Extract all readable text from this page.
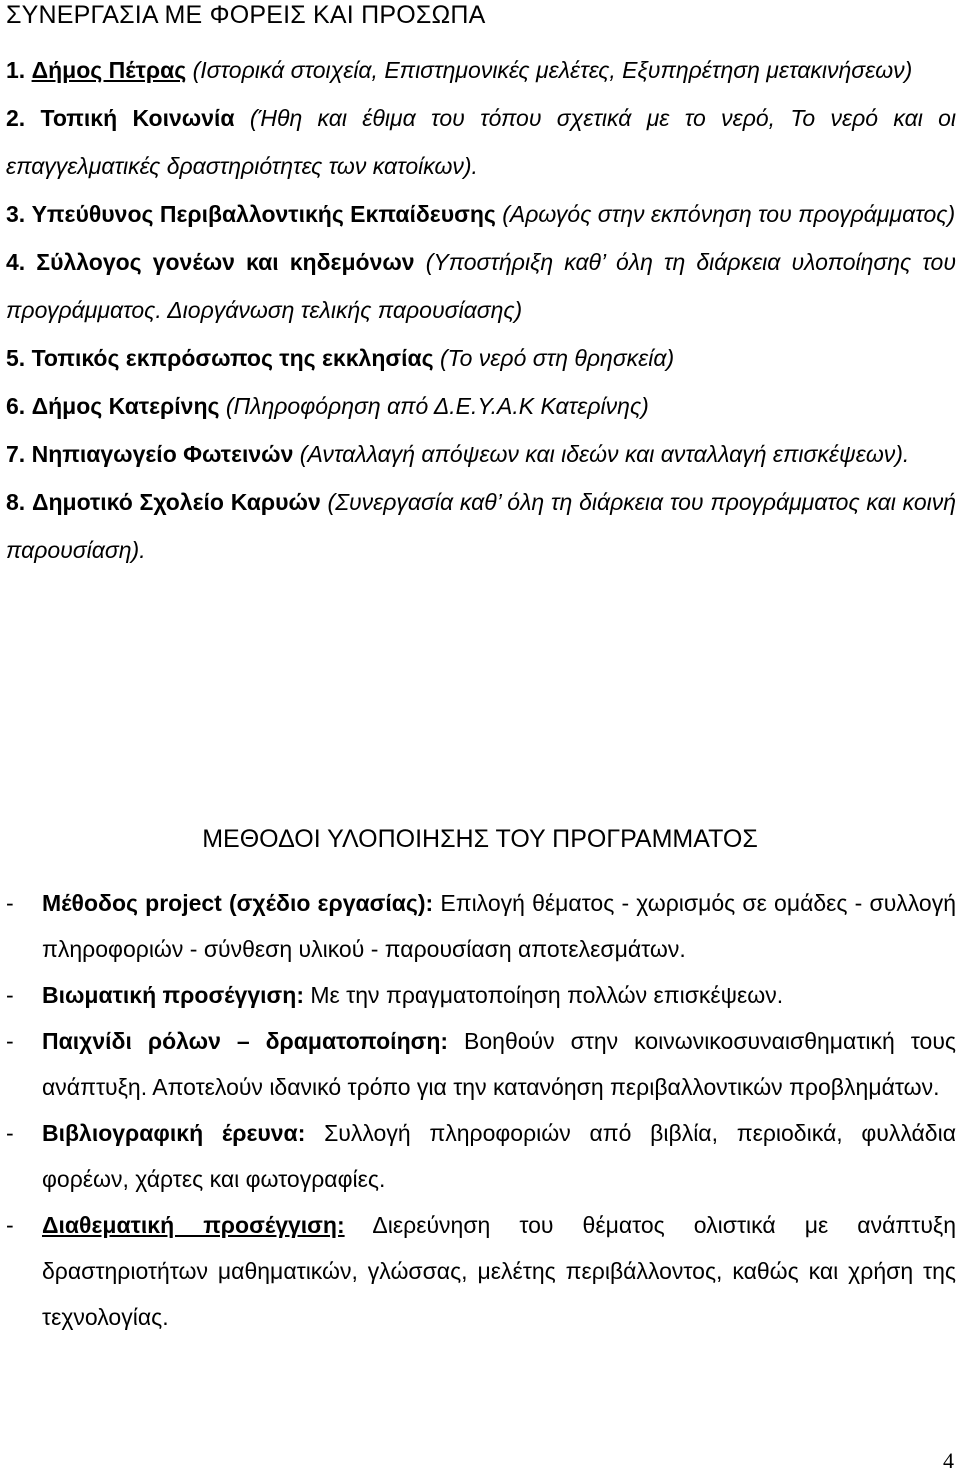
ΣΥΝΕΡΓΑΣΙΑ ΜΕ ΦΟΡΕΙΣ ΚΑΙ ΠΡΟΣΩΠΑ

1. Δήμος Πέτρας (Ιστορικά στοιχεία, Επιστημονικές μελέτες, Εξυπηρέτηση μετακινήσεων)

2. Τοπική Κοινωνία (Ήθη και έθιμα του τόπου σχετικά με το νερό, Το νερό και οι επαγγελματικές δραστηριότητες των κατοίκων).

3. Υπεύθυνος Περιβαλλοντικής Εκπαίδευσης (Αρωγός στην εκπόνηση του προγράμματος)

4. Σύλλογος γονέων και κηδεμόνων (Υποστήριξη καθ’ όλη τη διάρκεια υλοποίησης του προγράμματος. Διοργάνωση τελικής παρουσίασης)

5. Τοπικός εκπρόσωπος της εκκλησίας (Το νερό στη θρησκεία)

6. Δήμος Κατερίνης (Πληροφόρηση από Δ.Ε.Υ.Α.Κ Κατερίνης)

7. Νηπιαγωγείο Φωτεινών (Ανταλλαγή απόψεων και ιδεών και ανταλλαγή επισκέψεων).

8. Δημοτικό Σχολείο Καρυών (Συνεργασία καθ’ όλη τη διάρκεια του προγράμματος και κοινή παρουσίαση).

ΜΕΘΟΔΟΙ ΥΛΟΠΟΙΗΣΗΣ ΤΟΥ ΠΡΟΓΡΑΜΜΑΤΟΣ
-	Μέθοδος project (σχέδιο εργασίας): Επιλογή θέματος - χωρισμός σε ομάδες - συλλογή πληροφοριών - σύνθεση υλικού - παρουσίαση αποτελεσμάτων.
-	Βιωματική προσέγγιση: Με την πραγματοποίηση πολλών επισκέψεων.
-	Παιχνίδι ρόλων – δραματοποίηση: Βοηθούν στην κοινωνικοσυναισθηματική τους ανάπτυξη. Αποτελούν ιδανικό τρόπο για την κατανόηση περιβαλλοντικών προβλημάτων.
-	Βιβλιογραφική έρευνα: Συλλογή πληροφοριών από βιβλία, περιοδικά, φυλλάδια φορέων, χάρτες και φωτογραφίες.
-	Διαθεματική προσέγγιση: Διερεύνηση του θέματος ολιστικά με ανάπτυξη δραστηριοτήτων μαθηματικών, γλώσσας, μελέτης περιβάλλοντος, καθώς και χρήση της τεχνολογίας.
4
